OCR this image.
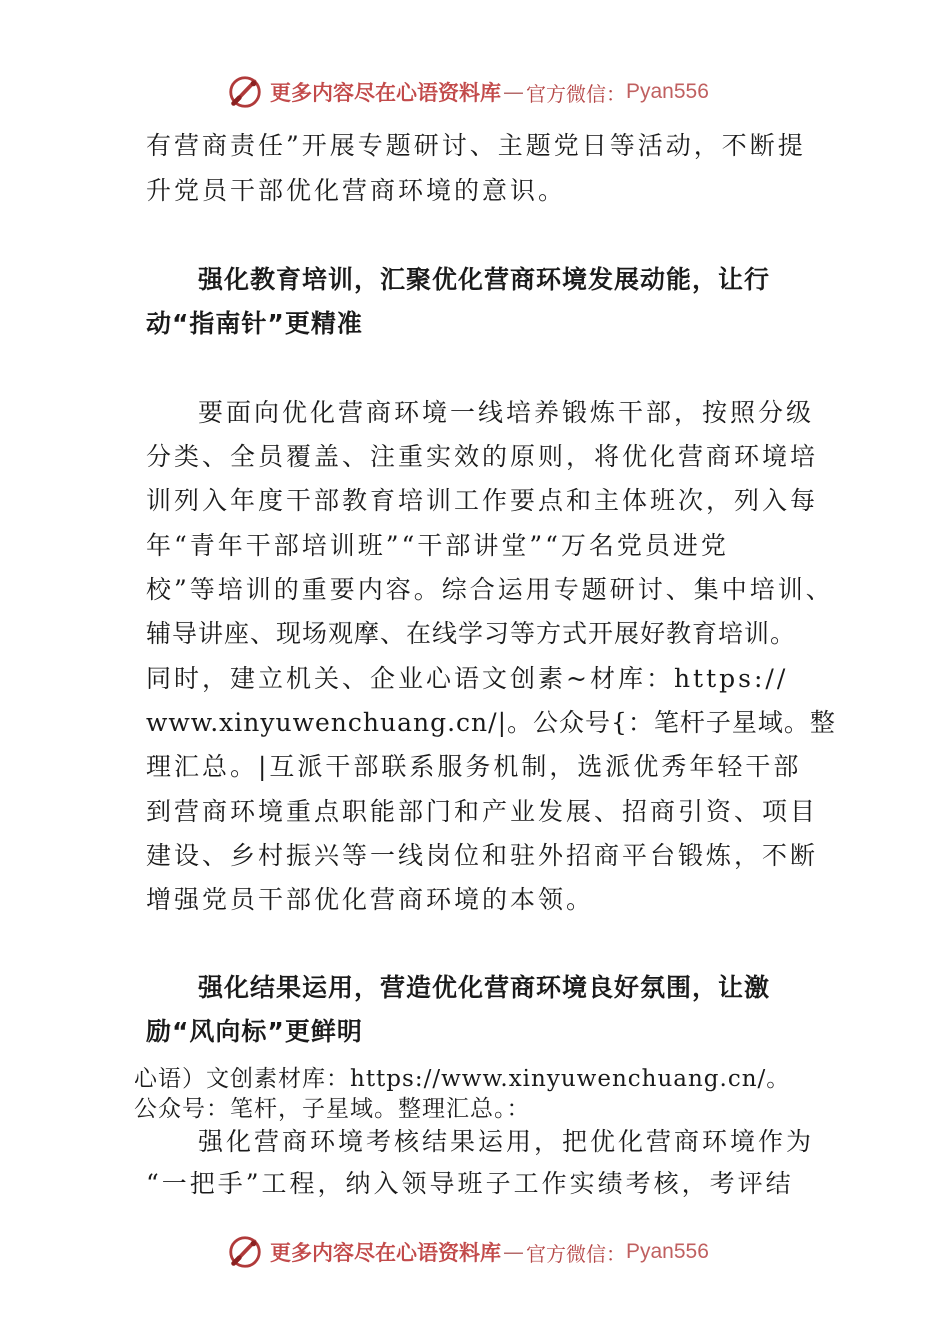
更多内容尽在心语资料库 — 官方微信： Pyan556
有营商责任”开展专题研讨、主题党日等活动，不断提
升党员干部优化营商环境的意识。
强化教育培训，汇聚优化营商环境发展动能，让行
动“指南针”更精准
要面向优化营商环境一线培养锻炼干部，按照分级
分类、全员覆盖、注重实效的原则，将优化营商环境培
训列入年度干部教育培训工作要点和主体班次，列入每
年“青年干部培训班”“干部讲堂”“万名党员进党
校”等培训的重要内容。综合运用专题研讨、集中培训、
辅导讲座、现场观摩、在线学习等方式开展好教育培训。
同时，建立机关、企业心语文创素~材库：https://
www.xinyuwenchuang.cn/|。公众号{：笔杆子星域。整
理汇总。|互派干部联系服务机制，选派优秀年轻干部
到营商环境重点职能部门和产业发展、招商引资、项目
建设、乡村振兴等一线岗位和驻外招商平台锻炼，不断
增强党员干部优化营商环境的本领。
强化结果运用，营造优化营商环境良好氛围，让激
励“风向标”更鲜明
心语）文创素材库：https://www.xinyuwenchuang.cn/。
公众号：笔杆，子星域。整理汇总。：
强化营商环境考核结果运用，把优化营商环境作为
“一把手”工程，纳入领导班子工作实绩考核，考评结
更多内容尽在心语资料库 — 官方微信： Pyan556
